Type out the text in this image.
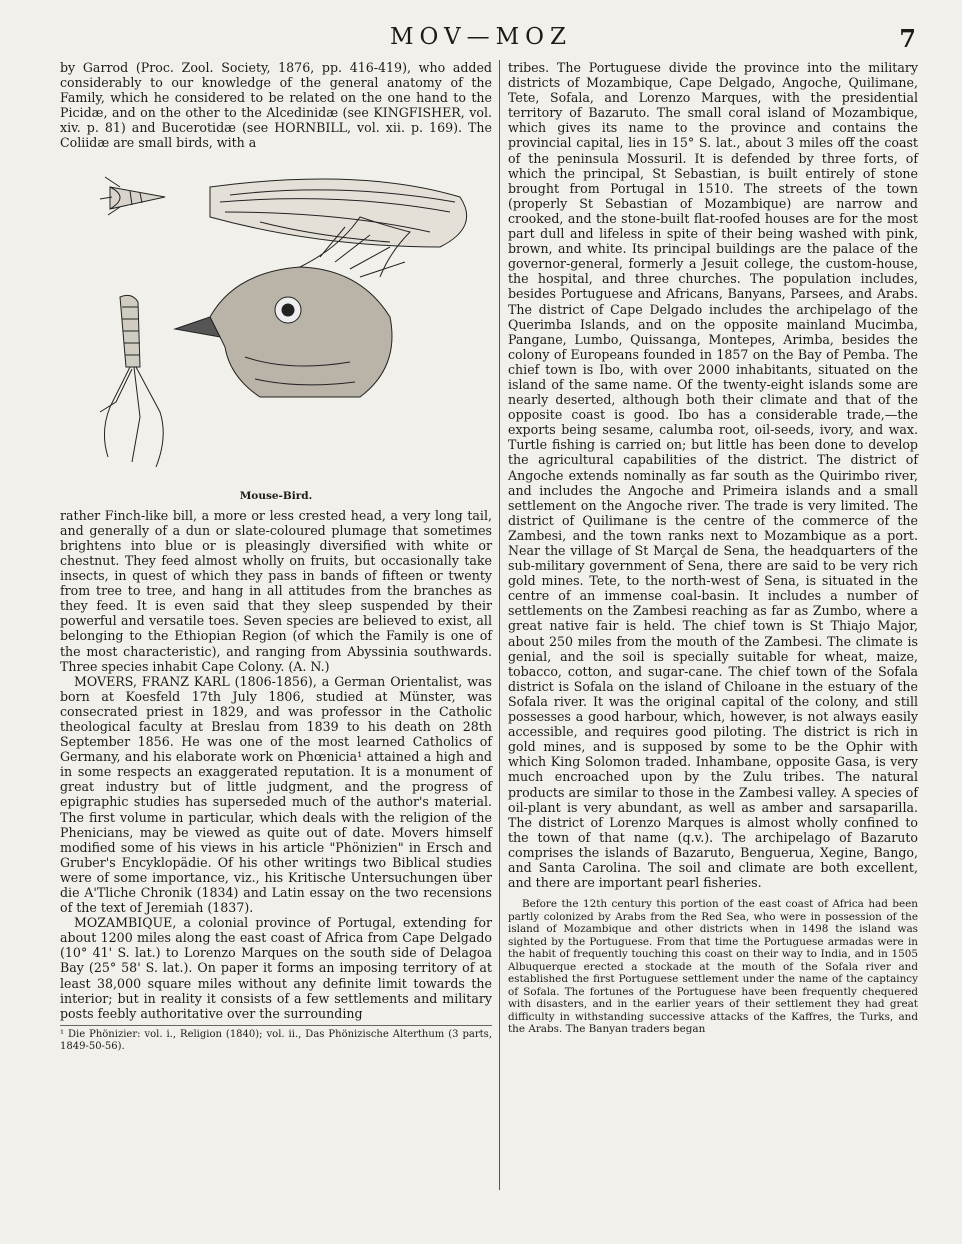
MOV—MOZ	7

by Garrod (Proc. Zool. Society, 1876, pp. 416-419), who added considerably to our knowledge of the general anatomy of the Family, which he considered to be related on the one hand to the Picidæ, and on the other to the Alcedinidæ (see KINGFISHER, vol. xiv. p. 81) and Bucerotidæ (see HORNBILL, vol. xii. p. 169). The Coliidæ are small birds, with a

Mouse-Bird.

rather Finch-like bill, a more or less crested head, a very long tail, and generally of a dun or slate-coloured plumage that sometimes brightens into blue or is pleasingly diversified with white or chestnut. They feed almost wholly on fruits, but occasionally take insects, in quest of which they pass in bands of fifteen or twenty from tree to tree, and hang in all attitudes from the branches as they feed. It is even said that they sleep suspended by their powerful and versatile toes. Seven species are believed to exist, all belonging to the Ethiopian Region (of which the Family is one of the most characteristic), and ranging from Abyssinia southwards. Three species inhabit Cape Colony. (A. N.)

MOVERS, FRANZ KARL (1806-1856), a German Orientalist, was born at Koesfeld 17th July 1806, studied at Münster, was consecrated priest in 1829, and was professor in the Catholic theological faculty at Breslau from 1839 to his death on 28th September 1856. He was one of the most learned Catholics of Germany, and his elaborate work on Phœnicia¹ attained a high and in some respects an exaggerated reputation. It is a monument of great industry but of little judgment, and the progress of epigraphic studies has superseded much of the author's material. The first volume in particular, which deals with the religion of the Phenicians, may be viewed as quite out of date. Movers himself modified some of his views in his article "Phönizien" in Ersch and Gruber's Encyklopädie. Of his other writings two Biblical studies were of some importance, viz., his Kritische Untersuchungen über die A'Tliche Chronik (1834) and Latin essay on the two recensions of the text of Jeremiah (1837).

MOZAMBIQUE, a colonial province of Portugal, extending for about 1200 miles along the east coast of Africa from Cape Delgado (10° 41' S. lat.) to Lorenzo Marques on the south side of Delagoa Bay (25° 58' S. lat.). On paper it forms an imposing territory of at least 38,000 square miles without any definite limit towards the interior; but in reality it consists of a few settlements and military posts feebly authoritative over the surrounding

¹ Die Phönizier: vol. i., Religion (1840); vol. ii., Das Phönizische Alterthum (3 parts, 1849-50-56).

tribes. The Portuguese divide the province into the military districts of Mozambique, Cape Delgado, Angoche, Quilimane, Tete, Sofala, and Lorenzo Marques, with the presidential territory of Bazaruto. The small coral island of Mozambique, which gives its name to the province and contains the provincial capital, lies in 15° S. lat., about 3 miles off the coast of the peninsula Mossuril. It is defended by three forts, of which the principal, St Sebastian, is built entirely of stone brought from Portugal in 1510. The streets of the town (properly St Sebastian of Mozambique) are narrow and crooked, and the stone-built flat-roofed houses are for the most part dull and lifeless in spite of their being washed with pink, brown, and white. Its principal buildings are the palace of the governor-general, formerly a Jesuit college, the custom-house, the hospital, and three churches. The population includes, besides Portuguese and Africans, Banyans, Parsees, and Arabs. The district of Cape Delgado includes the archipelago of the Querimba Islands, and on the opposite mainland Mucimba, Pangane, Lumbo, Quissanga, Montepes, Arimba, besides the colony of Europeans founded in 1857 on the Bay of Pemba. The chief town is Ibo, with over 2000 inhabitants, situated on the island of the same name. Of the twenty-eight islands some are nearly deserted, although both their climate and that of the opposite coast is good. Ibo has a considerable trade,—the exports being sesame, calumba root, oil-seeds, ivory, and wax. Turtle fishing is carried on; but little has been done to develop the agricultural capabilities of the district. The district of Angoche extends nominally as far south as the Quirimbo river, and includes the Angoche and Primeira islands and a small settlement on the Angoche river. The trade is very limited. The district of Quilimane is the centre of the commerce of the Zambesi, and the town ranks next to Mozambique as a port. Near the village of St Marçal de Sena, the headquarters of the sub-military government of Sena, there are said to be very rich gold mines. Tete, to the north-west of Sena, is situated in the centre of an immense coal-basin. It includes a number of settlements on the Zambesi reaching as far as Zumbo, where a great native fair is held. The chief town is St Thiajo Major, about 250 miles from the mouth of the Zambesi. The climate is genial, and the soil is specially suitable for wheat, maize, tobacco, cotton, and sugar-cane. The chief town of the Sofala district is Sofala on the island of Chiloane in the estuary of the Sofala river. It was the original capital of the colony, and still possesses a good harbour, which, however, is not always easily accessible, and requires good piloting. The district is rich in gold mines, and is supposed by some to be the Ophir with which King Solomon traded. Inhambane, opposite Gasa, is very much encroached upon by the Zulu tribes. The natural products are similar to those in the Zambesi valley. A species of oil-plant is very abundant, as well as amber and sarsaparilla. The district of Lorenzo Marques is almost wholly confined to the town of that name (q.v.). The archipelago of Bazaruto comprises the islands of Bazaruto, Benguerua, Xegine, Bango, and Santa Carolina. The soil and climate are both excellent, and there are important pearl fisheries.

Before the 12th century this portion of the east coast of Africa had been partly colonized by Arabs from the Red Sea, who were in possession of the island of Mozambique and other districts when in 1498 the island was sighted by the Portuguese. From that time the Portuguese armadas were in the habit of frequently touching this coast on their way to India, and in 1505 Albuquerque erected a stockade at the mouth of the Sofala river and established the first Portuguese settlement under the name of the captaincy of Sofala. The fortunes of the Portuguese have been frequently chequered with disasters, and in the earlier years of their settlement they had great difficulty in withstanding successive attacks of the Kaffres, the Turks, and the Arabs. The Banyan traders began
